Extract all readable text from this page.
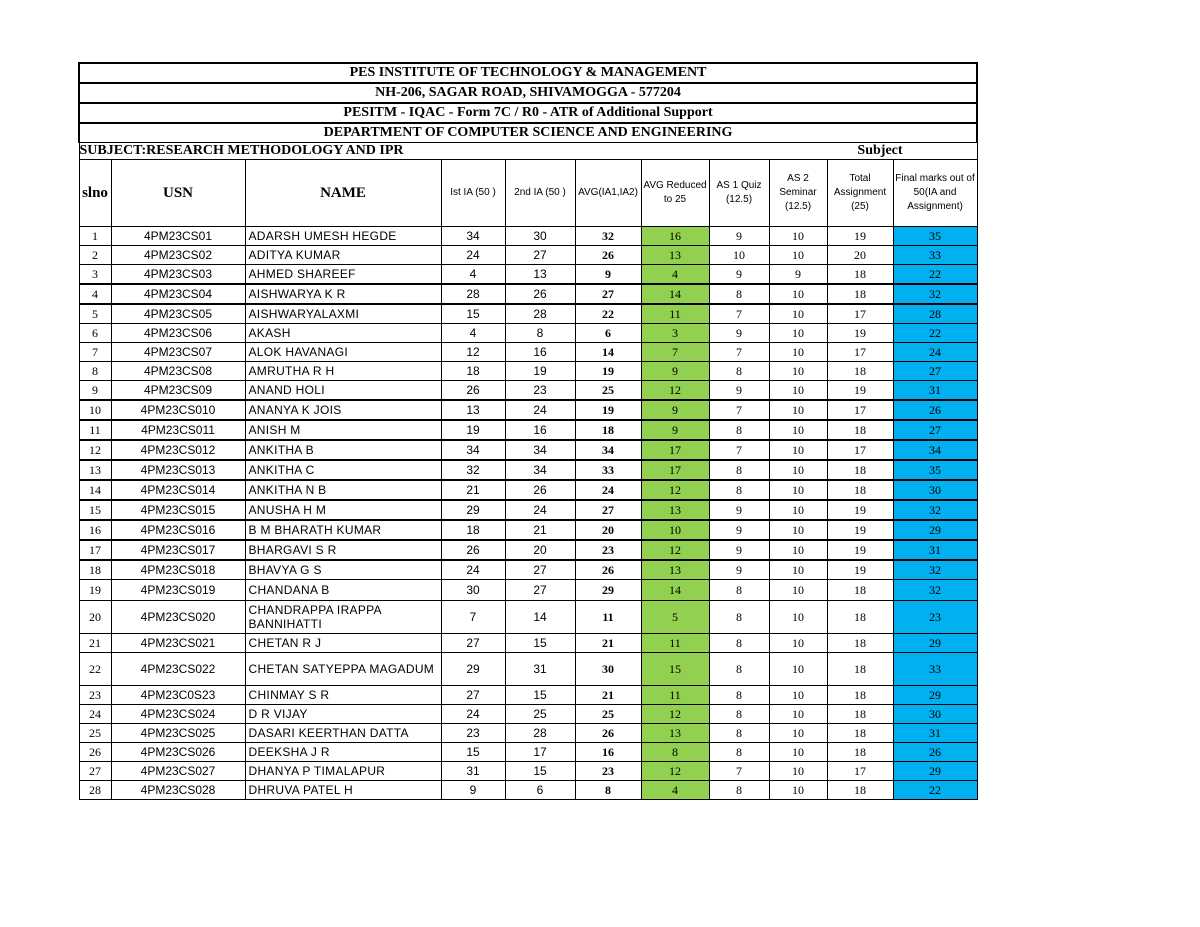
PES INSTITUTE OF TECHNOLOGY & MANAGEMENT										
NH-206, SAGAR ROAD, SHIVAMOGGA - 577204										
PESITM - IQAC - Form 7C / R0 - ATR of Additional Support										
DEPARTMENT OF COMPUTER SCIENCE AND ENGINEERING										
SUBJECT:RESEARCH METHODOLOGY AND IPR						Subject				
slno	USN	NAME	Ist IA (50 )	2nd IA (50 )	AVG(IA1,IA2)	AVG Reduced to 25	AS 1 Quiz (12.5)	AS 2 Seminar (12.5)	Total Assignment (25)	Final marks out of 50(IA and Assignment)
1	4PM23CS01	ADARSH UMESH HEGDE	34	30	32	16	9	10	19	35
2	4PM23CS02	ADITYA KUMAR	24	27	26	13	10	10	20	33
3	4PM23CS03	AHMED SHAREEF	4	13	9	4	9	9	18	22
4	4PM23CS04	AISHWARYA K R	28	26	27	14	8	10	18	32
5	4PM23CS05	AISHWARYALAXMI	15	28	22	11	7	10	17	28
6	4PM23CS06	AKASH	4	8	6	3	9	10	19	22
7	4PM23CS07	ALOK HAVANAGI	12	16	14	7	7	10	17	24
8	4PM23CS08	AMRUTHA R H	18	19	19	9	8	10	18	27
9	4PM23CS09	ANAND HOLI	26	23	25	12	9	10	19	31
10	4PM23CS010	ANANYA K JOIS	13	24	19	9	7	10	17	26
11	4PM23CS011	ANISH M	19	16	18	9	8	10	18	27
12	4PM23CS012	ANKITHA B	34	34	34	17	7	10	17	34
13	4PM23CS013	ANKITHA C	32	34	33	17	8	10	18	35
14	4PM23CS014	ANKITHA N B	21	26	24	12	8	10	18	30
15	4PM23CS015	ANUSHA H M	29	24	27	13	9	10	19	32
16	4PM23CS016	B M BHARATH KUMAR	18	21	20	10	9	10	19	29
17	4PM23CS017	BHARGAVI S R	26	20	23	12	9	10	19	31
18	4PM23CS018	BHAVYA G S	24	27	26	13	9	10	19	32
19	4PM23CS019	CHANDANA B	30	27	29	14	8	10	18	32
20	4PM23CS020	CHANDRAPPA IRAPPA BANNIHATTI	7	14	11	5	8	10	18	23
21	4PM23CS021	CHETAN R J	27	15	21	11	8	10	18	29
22	4PM23CS022	CHETAN SATYEPPA MAGADUM	29	31	30	15	8	10	18	33
23	4PM23C0S23	CHINMAY S R	27	15	21	11	8	10	18	29
24	4PM23CS024	D R VIJAY	24	25	25	12	8	10	18	30
25	4PM23CS025	DASARI KEERTHAN DATTA	23	28	26	13	8	10	18	31
26	4PM23CS026	DEEKSHA J R	15	17	16	8	8	10	18	26
27	4PM23CS027	DHANYA P TIMALAPUR	31	15	23	12	7	10	17	29
28	4PM23CS028	DHRUVA PATEL H	9	6	8	4	8	10	18	22
